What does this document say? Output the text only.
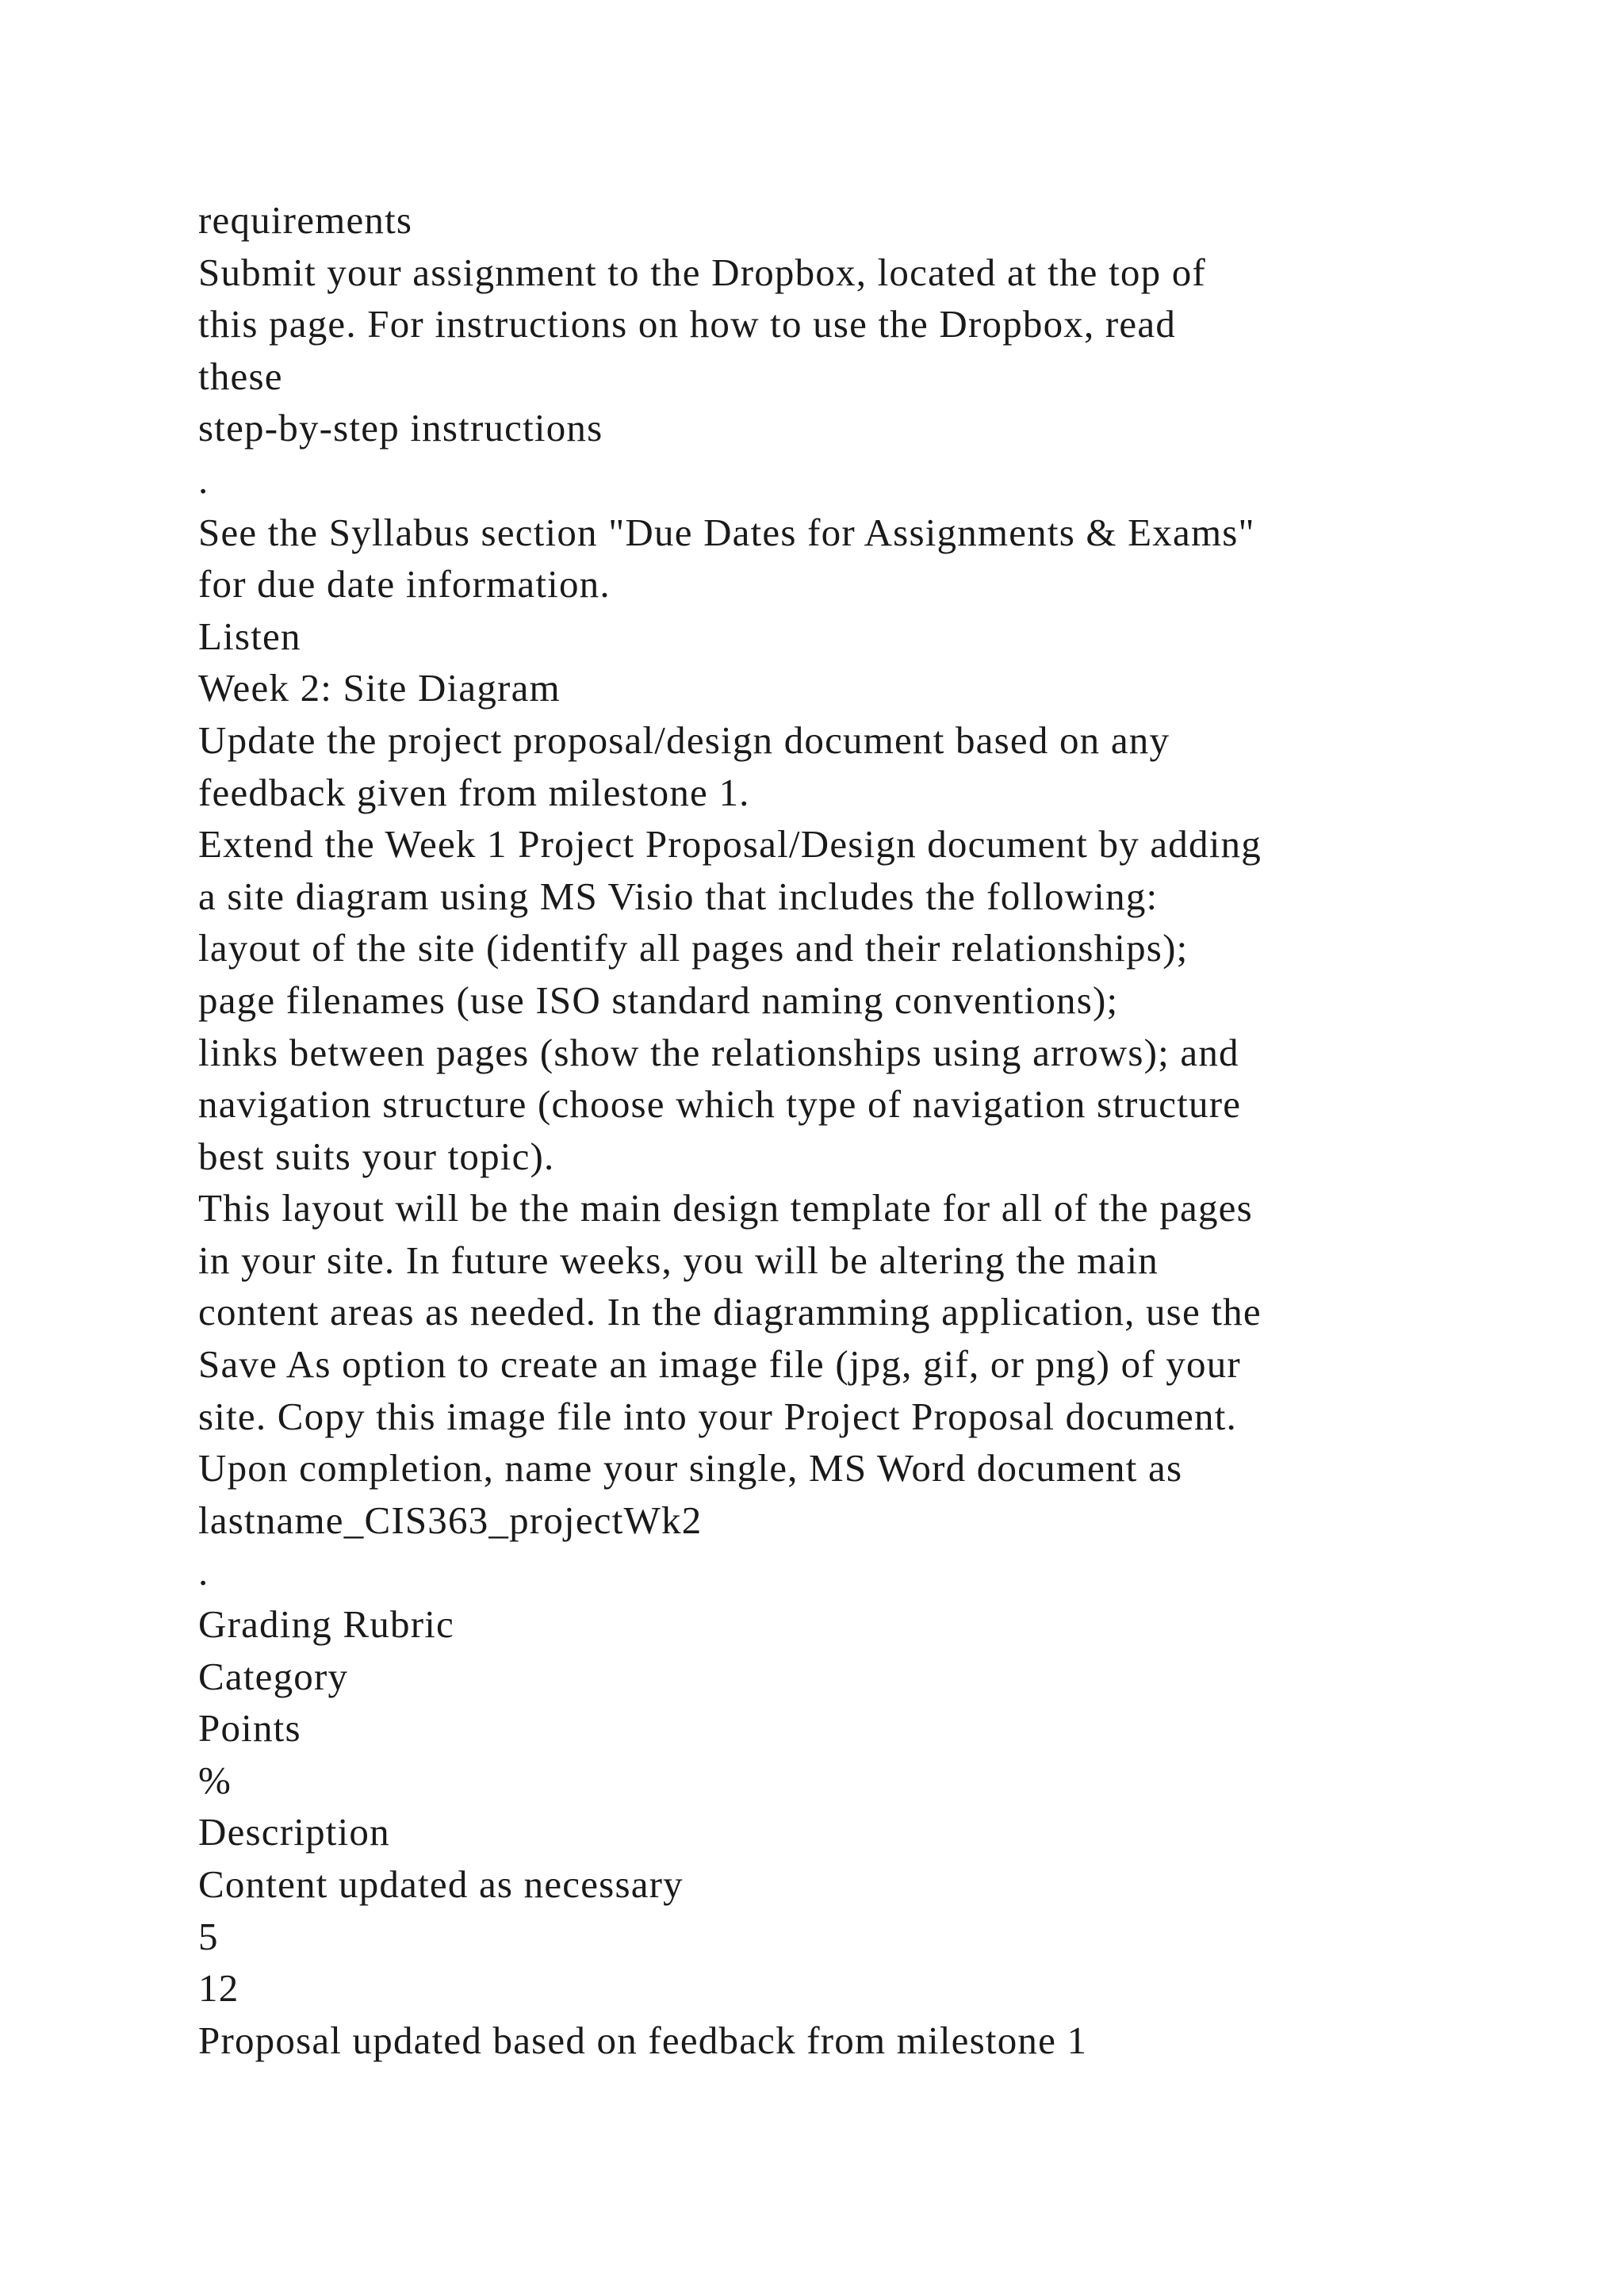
requirements
Submit your assignment to the Dropbox, located at the top of
this page. For instructions on how to use the Dropbox, read
these
step-by-step instructions
.
See the Syllabus section "Due Dates for Assignments & Exams"
for due date information.
Listen
Week 2: Site Diagram
Update the project proposal/design document based on any
feedback given from milestone 1.
Extend the Week 1 Project Proposal/Design document by adding
a site diagram using MS Visio that includes the following:
layout of the site (identify all pages and their relationships);
page filenames (use ISO standard naming conventions);
links between pages (show the relationships using arrows); and
navigation structure (choose which type of navigation structure
best suits your topic).
This layout will be the main design template for all of the pages
in your site. In future weeks, you will be altering the main
content areas as needed. In the diagramming application, use the
Save As option to create an image file (jpg, gif, or png) of your
site. Copy this image file into your Project Proposal document.
Upon completion, name your single, MS Word document as
lastname_CIS363_projectWk2
.
Grading Rubric
Category
Points
%
Description
Content updated as necessary
5
12
Proposal updated based on feedback from milestone 1
